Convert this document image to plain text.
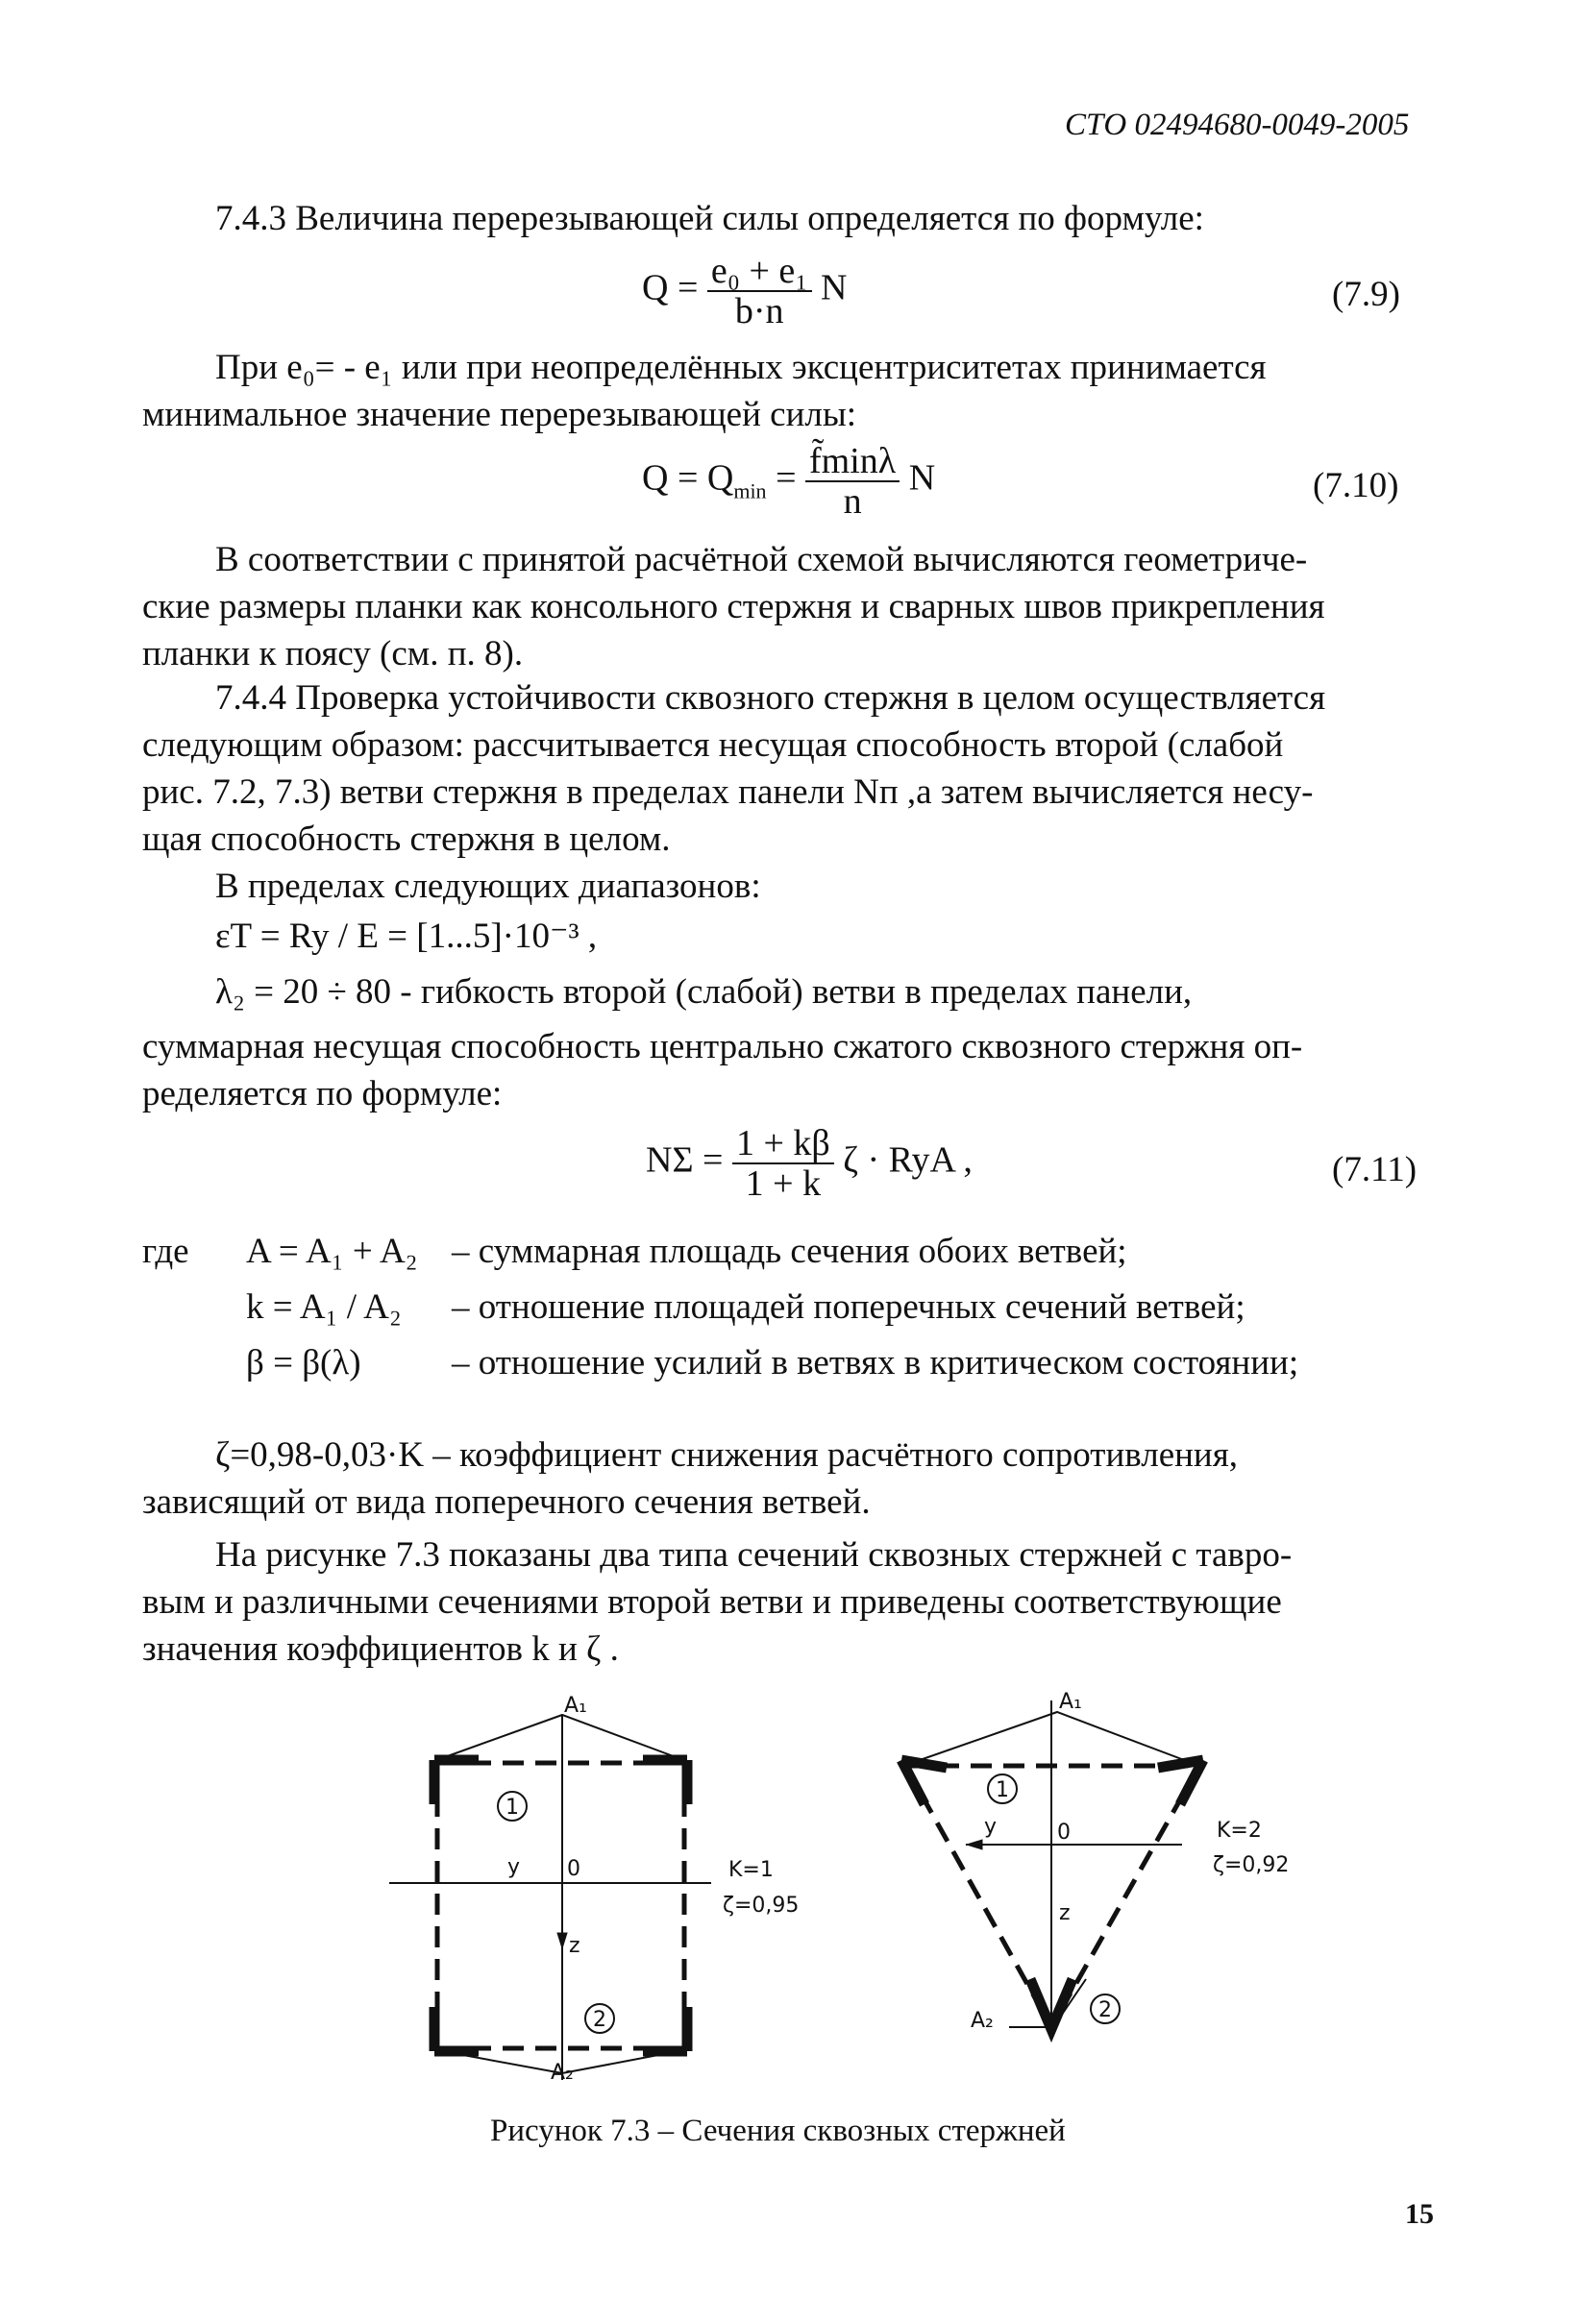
СТО 02494680-0049-2005
7.4.3 Величина перерезывающей силы определяется по формуле:
$Q = \frac{\text{e₀ + e₁}}{b\cdot n}$ N	(7.9)
При e₀= - e₁ или при неопределённых эксцентриситетах принимается
минимальное значение перерезывающей силы:
$Q = Q_{min} = \frac{f̃\min\lambda}{n}$ N	(7.10)
В соответствии с принятой расчётной схемой вычисляются геометриче-
ские размеры планки как консольного стержня и сварных швов прикрепления
планки к поясу (см. п. 8).
7.4.4 Проверка устойчивости сквозного стержня в целом осуществляется
следующим образом: рассчитывается несущая способность второй (слабой
рис. 7.2, 7.3) ветви стержня в пределах панели Nп ,а затем вычисляется несу-
щая способность стержня в целом.
В пределах следующих диапазонов:
εT = Ry / E = [1...5]·10⁻³ ,
λ₂ = 20 ÷ 80 - гибкость второй (слабой) ветви в пределах панели,
суммарная несущая способность центрально сжатого сквозного стержня оп-
ределяется по формуле:
$N\Sigma = \frac{1 + k\beta}{1 + k}$ ζ · RyA ,	(7.11)
где A = A₁ + A₂ – суммарная площадь сечения обоих ветвей;
k = A₁ / A₂ – отношение площадей поперечных сечений ветвей;
β = β(λ)	– отношение усилий в ветвях в критическом состоянии;
ζ=0,98-0,03·K – коэффициент снижения расчётного сопротивления,
зависящий от вида поперечного сечения ветвей.
На рисунке 7.3 показаны два типа сечений сквозных стержней с тавро-
вым и различными сечениями второй ветви и приведены соответствующие
значения коэффициентов k и ζ .
A₁
A₂
1
2
y 0
z
K=1
ζ=0,95
A₁
A₂
1
2
y	0
z
K=2
ζ=0,92
Рисунок 7.3 – Сечения сквозных стержней
15
